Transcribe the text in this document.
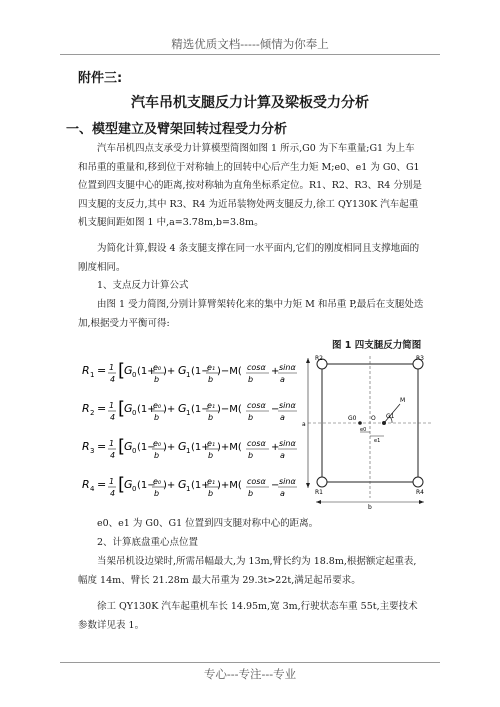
精选优质文档-----倾情为你奉上
附件三:
汽车吊机支腿反力计算及梁板受力分析
一、模型建立及臂架回转过程受力分析
汽车吊机四点支承受力计算模型简图如图 1 所示,G0 为下车重量;G1 为上车和吊重的重量和,移到位于对称轴上的回转中心后产生力矩 M;e0、e1 为 G0、G1 位置到四支腿中心的距离,按对称轴为直角坐标系定位。R1、R2、R3、R4 分别是四支腿的支反力,其中 R3、R4 为近吊装物处两支腿反力,徐工 QY130K 汽车起重机支腿间距如图 1 中,a=3.78m,b=3.8m。
为简化计算,假设 4 条支腿支撑在同一水平面内,它们的刚度相同且支撑地面的刚度相同。
1、支点反力计算公式
由图 1 受力简图,分别计算臂架转化来的集中力矩 M 和吊重 P,最后在支腿处迭加,根据受力平衡可得:
图 1 四支腿反力简图
R 1 = 1
4 [
G 0 (1+
e₀
b
)+ G 1 (1−
e₁
b
)−M( cosα
b
+ sinα
a
R 2 = 1
4 [
G 0 (1+
e₀
b
)+ G 1 (1−
e₁
b
)−M( cosα
b
− sinα
a
R 3 = 1
4 [
G 0 (1−
e₀
b
)+ G 1 (1+
e₁
b
)+M( cosα
b
+ sinα
a
R 4 = 1
4 [
G 0 (1−
e₀
b
)+ G 1 (1+
e₁
b
)+M( cosα
b
− sinα
a
R2	R3
R1	R4
G0	G1
O
M
a
b
e0
e1
e0、e1 为 G0、G1 位置到四支腿对称中心的距离。
2、计算底盘重心点位置
当架吊机设边梁时,所需吊幅最大,为 13m,臂长约为 18.8m,根据额定起重表,幅度 14m、臂长 21.28m 最大吊重为 29.3t>22t,满足起吊要求。
徐工 QY130K 汽车起重机车长 14.95m,宽 3m,行驶状态车重 55t,主要技术参数详见表 1。
专心---专注---专业
